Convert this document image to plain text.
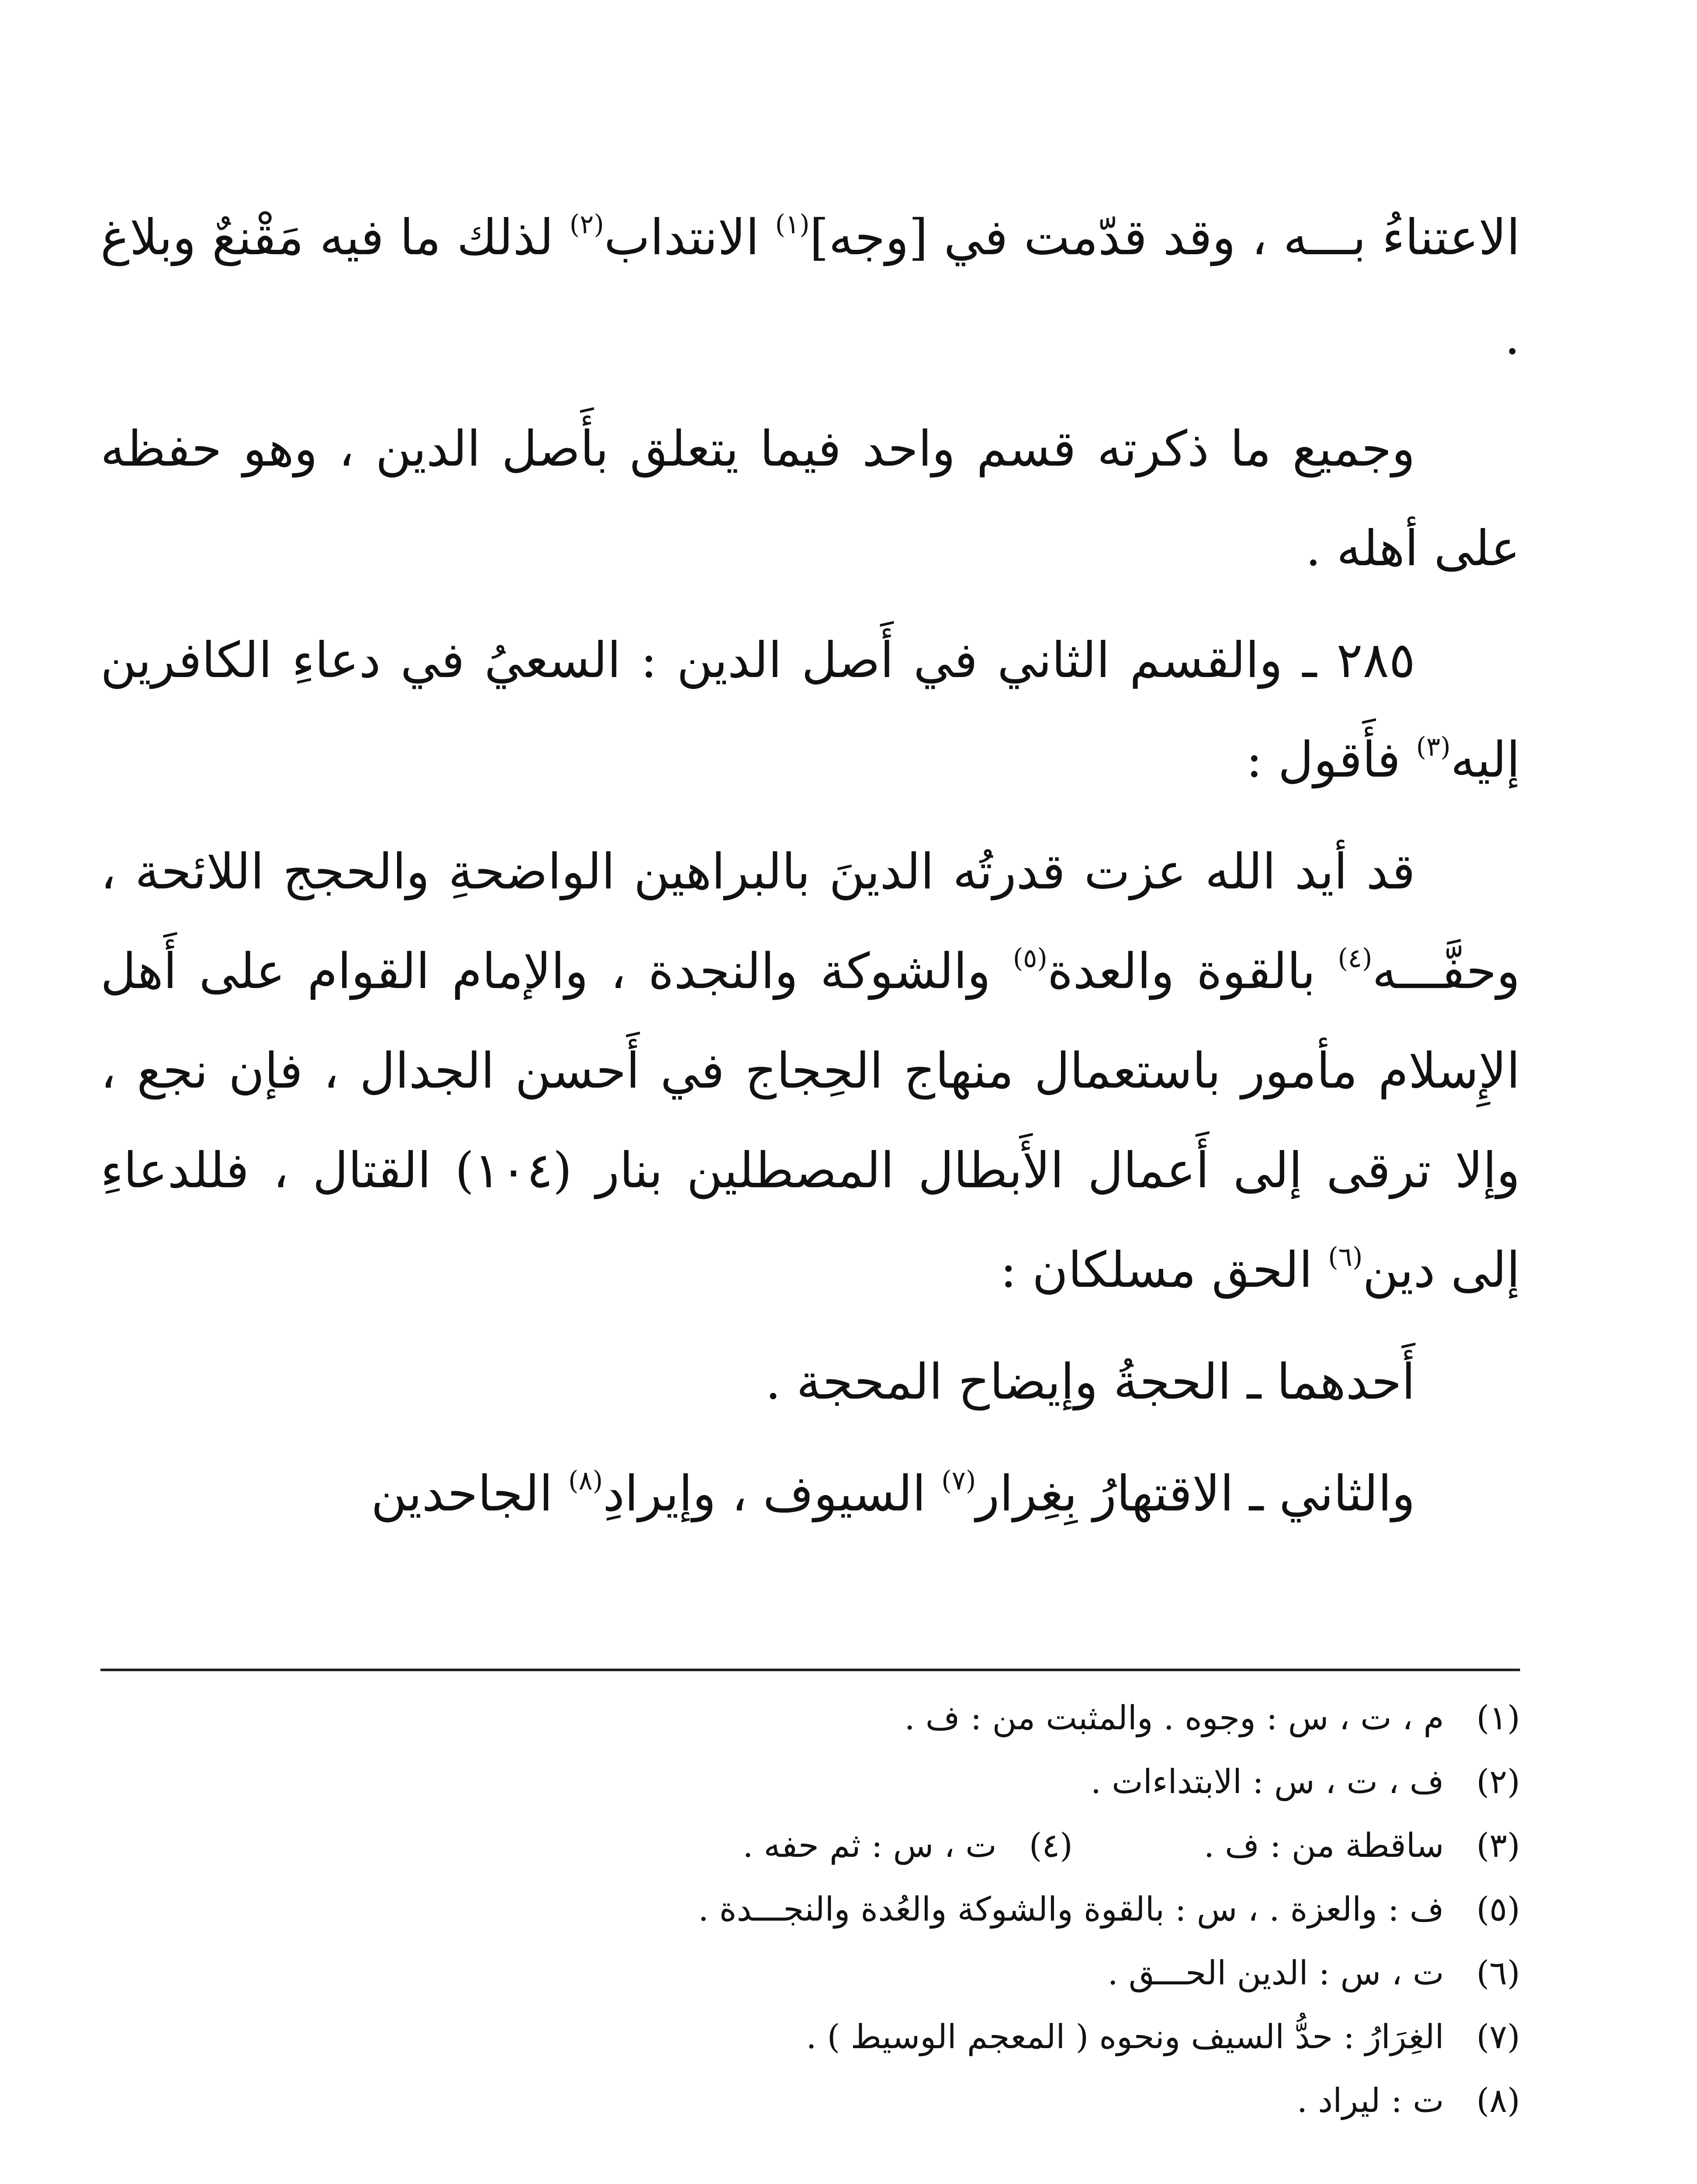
الاعتناءُ بـــه ، وقد قدّمت في [وجه]$^{(١)}$ الانتداب$^{(٢)}$ لذلك ما فيه مَقْنعٌ وبلاغ .

وجميع ما ذكرته قسم واحد فيما يتعلق بأَصل الدين ، وهو حفظه على أهله .

٢٨٥ ـ والقسم الثاني في أَصل الدين : السعيُ في دعاءِ الكافرين إليه$^{(٣)}$ فأَقول :

قد أيد الله عزت قدرتُه الدينَ بالبراهين الواضحةِ والحجج اللائحة ، وحفَّـــه$^{(٤)}$ بالقوة والعدة$^{(٥)}$ والشوكة والنجدة ، والإمام القوام على أَهل الإِسلام مأمور باستعمال منهاج الحِجاج في أَحسن الجدال ، فإن نجع ، وإلا ترقى إلى أَعمال الأَبطال المصطلين بنار (١٠٤) القتال ، فللدعاءِ إلى دين$^{(٦)}$ الحق مسلكان :

أَحدهما ـ الحجةُ وإيضاح المحجة .

والثاني ـ الاقتهارُ بِغِرار$^{(٧)}$ السيوف ، وإيرادِ$^{(٨)}$ الجاحدين

(١) م ، ت ، س : وجوه . والمثبت من : ف .
(٢) ف ، ت ، س : الابتداءات .
(٣) ساقطة من : ف .(٤) ت ، س : ثم حفه .
(٥) ف : والعزة . ، س : بالقوة والشوكة والعُدة والنجـــدة .
(٦) ت ، س : الدين الحـــق .
(٧) الغِرَارُ : حدُّ السيف ونحوه ( المعجم الوسيط ) .
(٨) ت : ليراد .
